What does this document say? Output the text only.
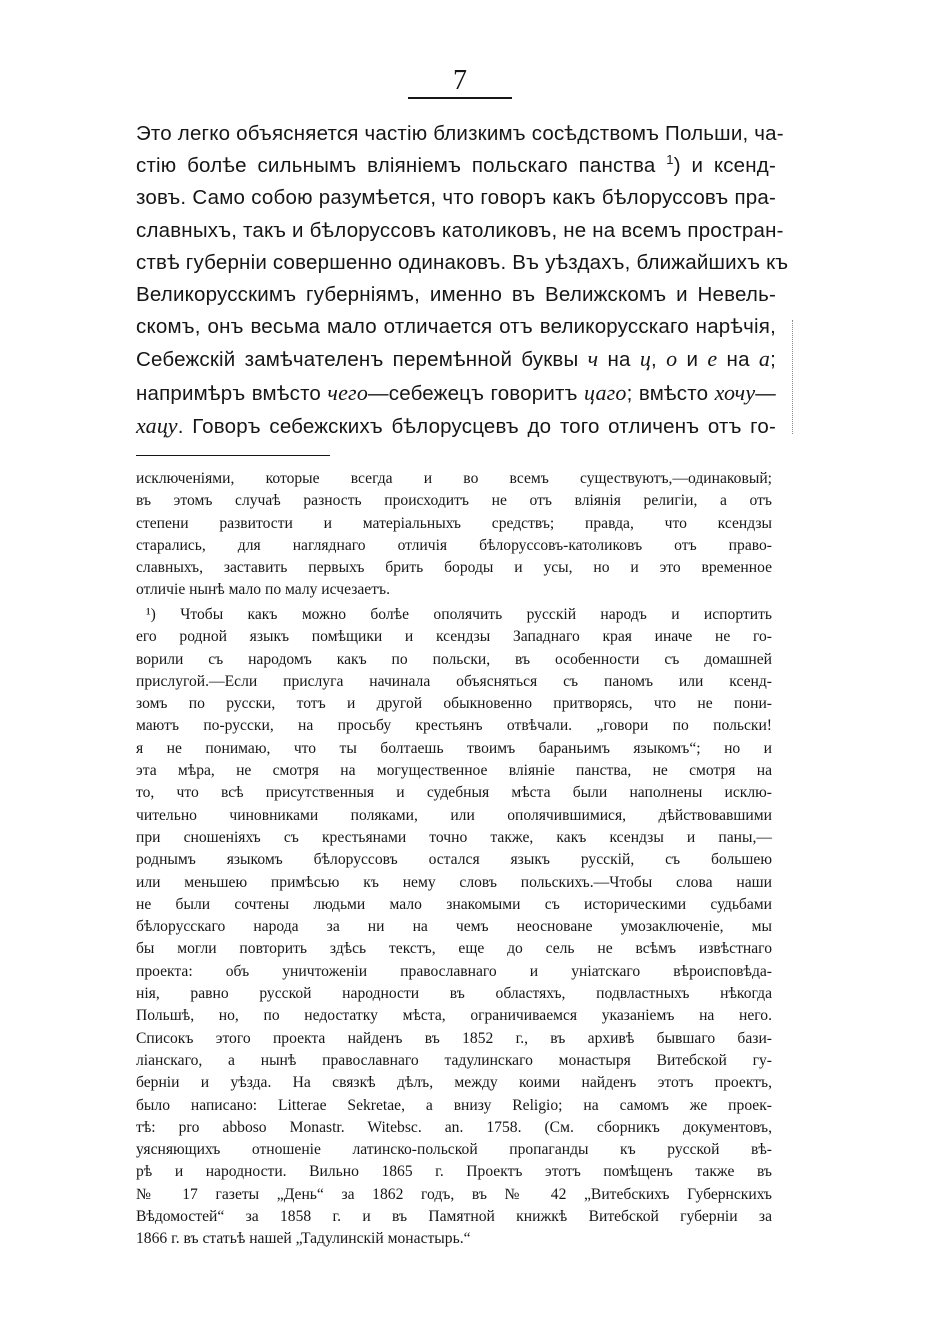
7
Это легко объясняется частію близкимъ сосѣдствомъ Польши, ча-
стію болѣе сильнымъ вліяніемъ польскаго панства $^1$) и ксенд-
зовъ. Само собою разумѣется, что говоръ какъ бѣлоруссовъ пра-
славныхъ, такъ и бѣлоруссовъ католиковъ, не на всемъ простран-
ствѣ губерніи совершенно одинаковъ. Въ уѣздахъ, ближайшихъ къ
Великорусскимъ губерніямъ, именно въ Велижскомъ и Невель-
скомъ, онъ весьма мало отличается отъ великорусскаго нарѣчія,
Себежскій замѣчателенъ перемѣнной буквы ч на ц, о и е на а;
напримѣръ вмѣсто чего—себежецъ говоритъ цаго; вмѣсто хочу—
хацу. Говоръ себежскихъ бѣлорусцевъ до того отличенъ отъ го-
исключеніями, которые всегда и во всемъ существуютъ,—одинаковый;
въ этомъ случаѣ разность происходитъ не отъ вліянія религіи, а отъ
степени развитости и матеріальныхъ средствъ; правда, что ксендзы
старались, для нагляднаго отличія бѣлоруссовъ-католиковъ отъ право-
славныхъ, заставить первыхъ брить бороды и усы, но и это временное
отличіе нынѣ мало по малу исчезаетъ.
¹) Чтобы какъ можно болѣе ополячить русскій народъ и испортить
его родной языкъ помѣщики и ксендзы Западнаго края иначе не го-
ворили съ народомъ какъ по польски, въ особенности съ домашней
прислугой.—Если прислуга начинала объясняться съ паномъ или ксенд-
зомъ по русски, тотъ и другой обыкновенно притворясь, что не пони-
маютъ по-русски, на просьбу крестьянъ отвѣчали. „говори по польски!
я не понимаю, что ты болтаешь твоимъ бараньимъ языкомъ“; но и
эта мѣра, не смотря на могущественное вліяніе панства, не смотря на
то, что всѣ присутственныя и судебныя мѣста были наполнены исклю-
чительно чиновниками поляками, или ополячившимися, дѣйствовавшими
при сношеніяхъ съ крестьянами точно также, какъ ксендзы и паны,—
роднымъ языкомъ бѣлоруссовъ остался языкъ русскій, съ большею
или меньшею примѣсью къ нему словъ польскихъ.—Чтобы слова наши
не были сочтены людьми мало знакомыми съ историческими судьбами
бѣлорусскаго народа за ни на чемъ неосноване умозаключеніе, мы
бы могли повторить здѣсь текстъ, еще до сель не всѣмъ извѣстнаго
проекта: объ уничтоженіи православнаго и уніатскаго вѣроисповѣда-
нія, равно русской народности въ областяхъ, подвластныхъ нѣкогда
Польшѣ, но, по недостатку мѣста, ограничиваемся указаніемъ на него.
Списокъ этого проекта найденъ въ 1852 г., въ архивѣ бывшаго бази-
ліанскаго, а нынѣ православнаго тадулинскаго монастыря Витебской гу-
берніи и уѣзда. На связкѣ дѣлъ, между коими найденъ этотъ проектъ,
было написано: Litterae Sekretae, а внизу Religio; на самомъ же проек-
тѣ: pro abboso Monastr. Witebsc. an. 1758. (См. сборникъ документовъ,
уясняющихъ отношеніе латинско-польской пропаганды къ русской вѣ-
рѣ и народности. Вильно 1865 г. Проектъ этотъ помѣщенъ также въ
№ 17 газеты „День“ за 1862 годъ, въ № 42 „Витебскихъ Губернскихъ
Вѣдомостей“ за 1858 г. и въ Памятной книжкѣ Витебской губерніи за
1866 г. въ статьѣ нашей „Тадулинскій монастырь.“
